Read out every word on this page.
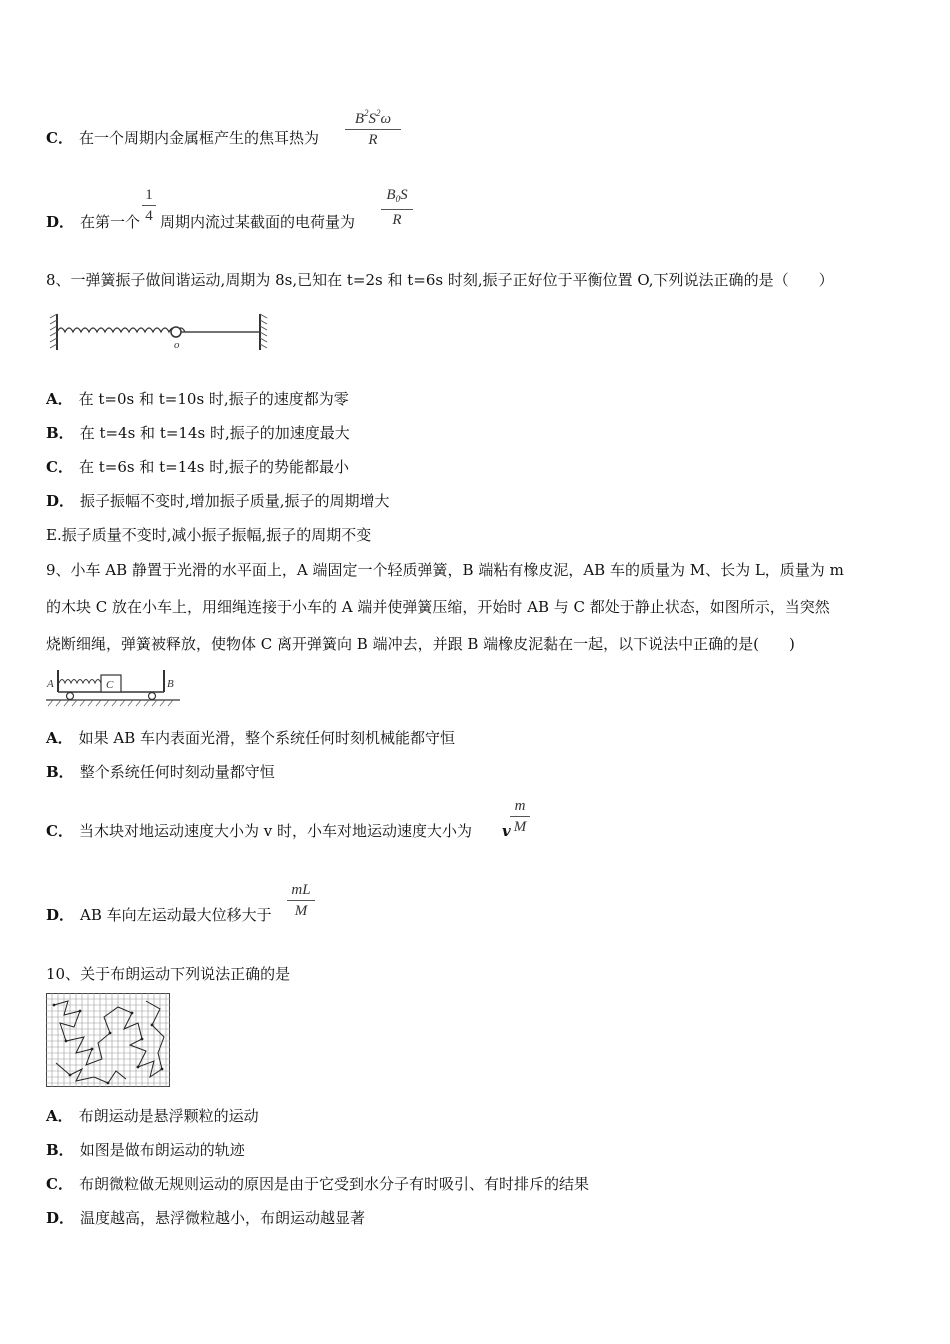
C． 在一个周期内金属框产生的焦耳热为
$B^2S^2\omega$
R
D． 在第一个 周期内流过某截面的电荷量为
1
4
$B_0S$
R
8、一弹簧振子做间谐运动,周期为 8s,已知在 t=2s 和 t=6s 时刻,振子正好位于平衡位置 O,下列说法正确的是（　　）
o
A． 在 t=0s 和 t=10s 时,振子的速度都为零
B． 在 t=4s 和 t=14s 时,振子的加速度最大
C． 在 t=6s 和 t=14s 时,振子的势能都最小
D． 振子振幅不变时,增加振子质量,振子的周期增大
E.振子质量不变时,减小振子振幅,振子的周期不变
9、小车 AB 静置于光滑的水平面上，A 端固定一个轻质弹簧，B 端粘有橡皮泥，AB 车的质量为 M、长为 L，质量为 m
的木块 C 放在小车上，用细绳连接于小车的 A 端并使弹簧压缩，开始时 AB 与 C 都处于静止状态，如图所示，当突然
烧断细绳，弹簧被释放，使物体 C 离开弹簧向 B 端冲去，并跟 B 端橡皮泥黏在一起，以下说法中正确的是(　　)
A	B
C
A． 如果 AB 车内表面光滑，整个系统任何时刻机械能都守恒
B． 整个系统任何时刻动量都守恒
C． 当木块对地运动速度大小为 v 时，小车对地运动速度大小为 v
m
M
D． AB 车向左运动最大位移大于
mL
M
10、关于布朗运动下列说法正确的是
A． 布朗运动是悬浮颗粒的运动
B． 如图是做布朗运动的轨迹
C． 布朗微粒做无规则运动的原因是由于它受到水分子有时吸引、有时排斥的结果
D． 温度越高，悬浮微粒越小，布朗运动越显著
